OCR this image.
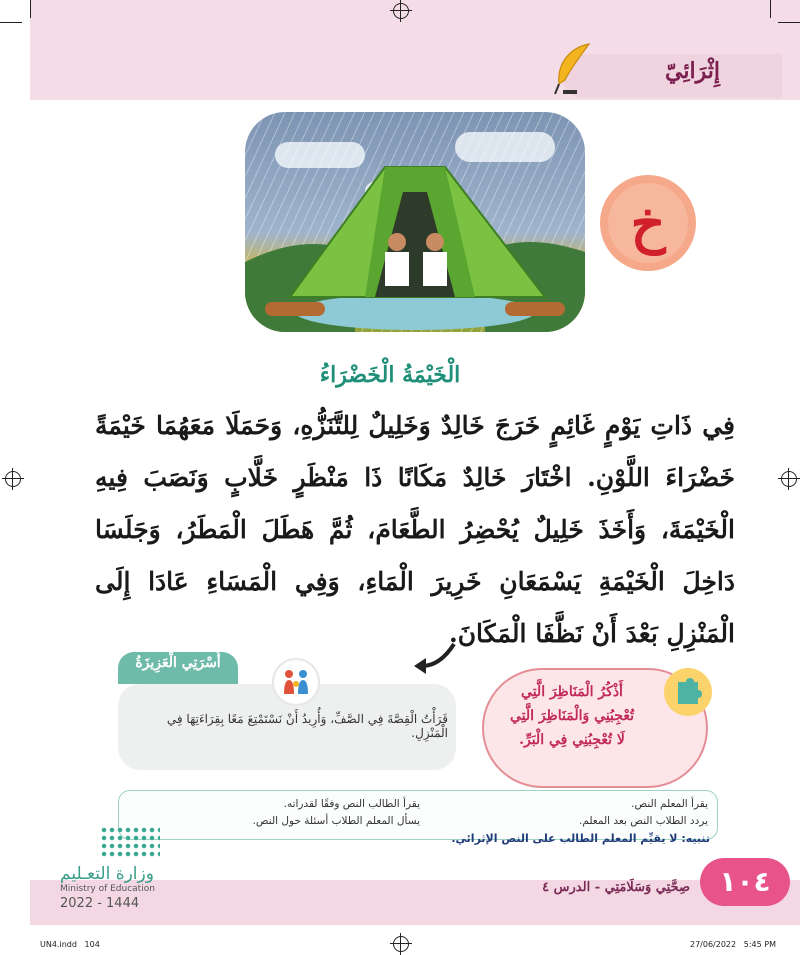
إِثْرَائِيّ
خ
الْخَيْمَةُ الْخَضْرَاءُ
فِي ذَاتِ يَوْمٍ غَائِمٍ خَرَجَ خَالِدٌ وَخَلِيلٌ لِلتَّنَزُّهِ، وَحَمَلَا مَعَهُمَا خَيْمَةً خَضْرَاءَ اللَّوْنِ. اخْتَارَ خَالِدٌ مَكَانًا ذَا مَنْظَرٍ خَلَّابٍ وَنَصَبَ فِيهِ الْخَيْمَةَ، وَأَخَذَ خَلِيلٌ يُحْضِرُ الطَّعَامَ، ثُمَّ هَطَلَ الْمَطَرُ، وَجَلَسَا دَاخِلَ الْخَيْمَةِ يَسْمَعَانِ خَرِيرَ الْمَاءِ، وَفِي الْمَسَاءِ عَادَا إِلَى الْمَنْزِلِ بَعْدَ أَنْ نَظَّفَا الْمَكَانَ.
أُسْرَتِي الْعَزِيزَةُ
قَرَأْتُ الْقِصَّةَ فِي الصَّفِّ، وَأُرِيدُ أَنْ نَسْتَمْتِعَ مَعًا بِقِرَاءَتِهَا فِي الْمَنْزِلِ.
أَذْكُرُ الْمَنَاظِرَ الَّتِي
تُعْجِبُنِي وَالْمَنَاظِرَ الَّتِي
لَا تُعْجِبُنِي فِي الْبَرِّ.
يقرأ المعلم النص.
يردد الطلاب النص بعد المعلم.
يقرأ الطالب النص وفقًا لقدراته.
يسأل المعلم الطلاب أسئلة حول النص.
تنبيه: لا يقيِّم المعلم الطالب على النص الإثرائي.
١٠٤
صِحَّتِي وَسَلَامَتِي - الدرس ٤
وزارة التعـليم
Ministry of Education
2022 - 1444
UN4.indd   104	27/06/2022   5:45 PM
